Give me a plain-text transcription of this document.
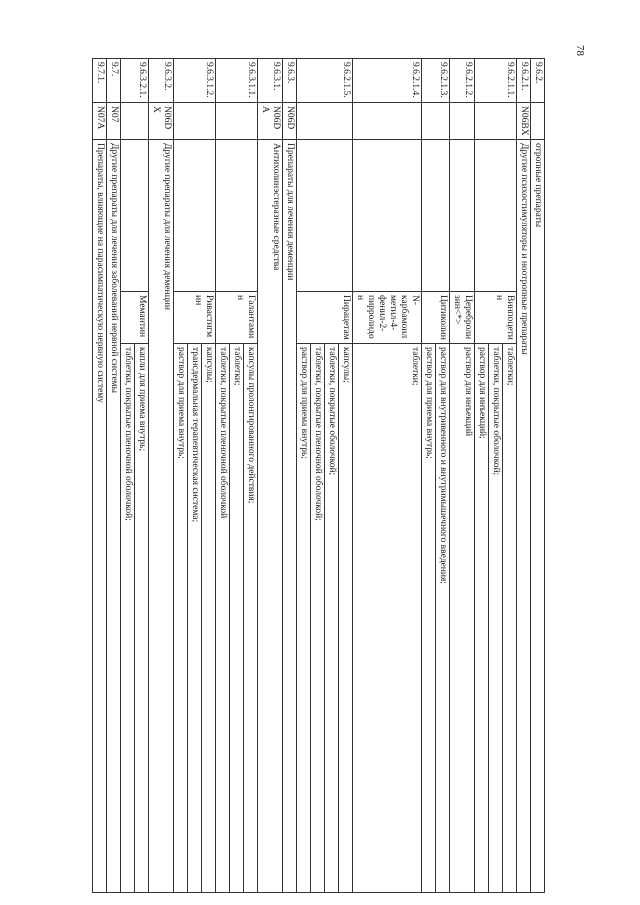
78
9.6.2.		отропные препараты		
9.6.2.1.	N06BX	Другие психостимуляторы и ноотропные препараты		
9.6.2.1.1.			Винпоцетин	таблетки;
				таблетки, покрытые оболочкой;
				раствор для инъекций;
9.6.2.1.2.			Церебролизин<*>	раствор для инъекций
9.6.2.1.3.			Цитиколин	раствор для внутривенного и внутримышечного введения;
				раствор для приема внутрь;
9.6.2.1.4.			N-карбамоилметил-4-фенил-2-пирролидон	таблетки;
9.6.2.1.5.			Пирацетам	капсулы;
				таблетки, покрытые оболочкой;
				таблетки, покрытые пленочной оболочкой;
				раствор для приема внутрь;
9.6.3.	N06D	Препараты для лечения деменции		
9.6.3.1.	N06DA	Антихолинэстеразные средства		
9.6.3.1.1.			Галантамин	капсулы пролонгированного действия;
				таблетки;
				таблетки, покрытые пленочной оболочкой
9.6.3.1.2.			Ривастигмин	капсулы;
				трансдермальная терапевтическая система;
				раствор для приема внутрь;
9.6.3.2.	N06DX	Другие препараты для лечения деменции		
9.6.3.2.1.			Мемантин	капли для приема внутрь;
				таблетки, покрытые пленочной оболочкой;
9.7.	N07	Другие препараты для лечения заболеваний нервной системы		
9.7.1.	N07A	Препараты, влияющие на парасимпатическую нервную систему		
